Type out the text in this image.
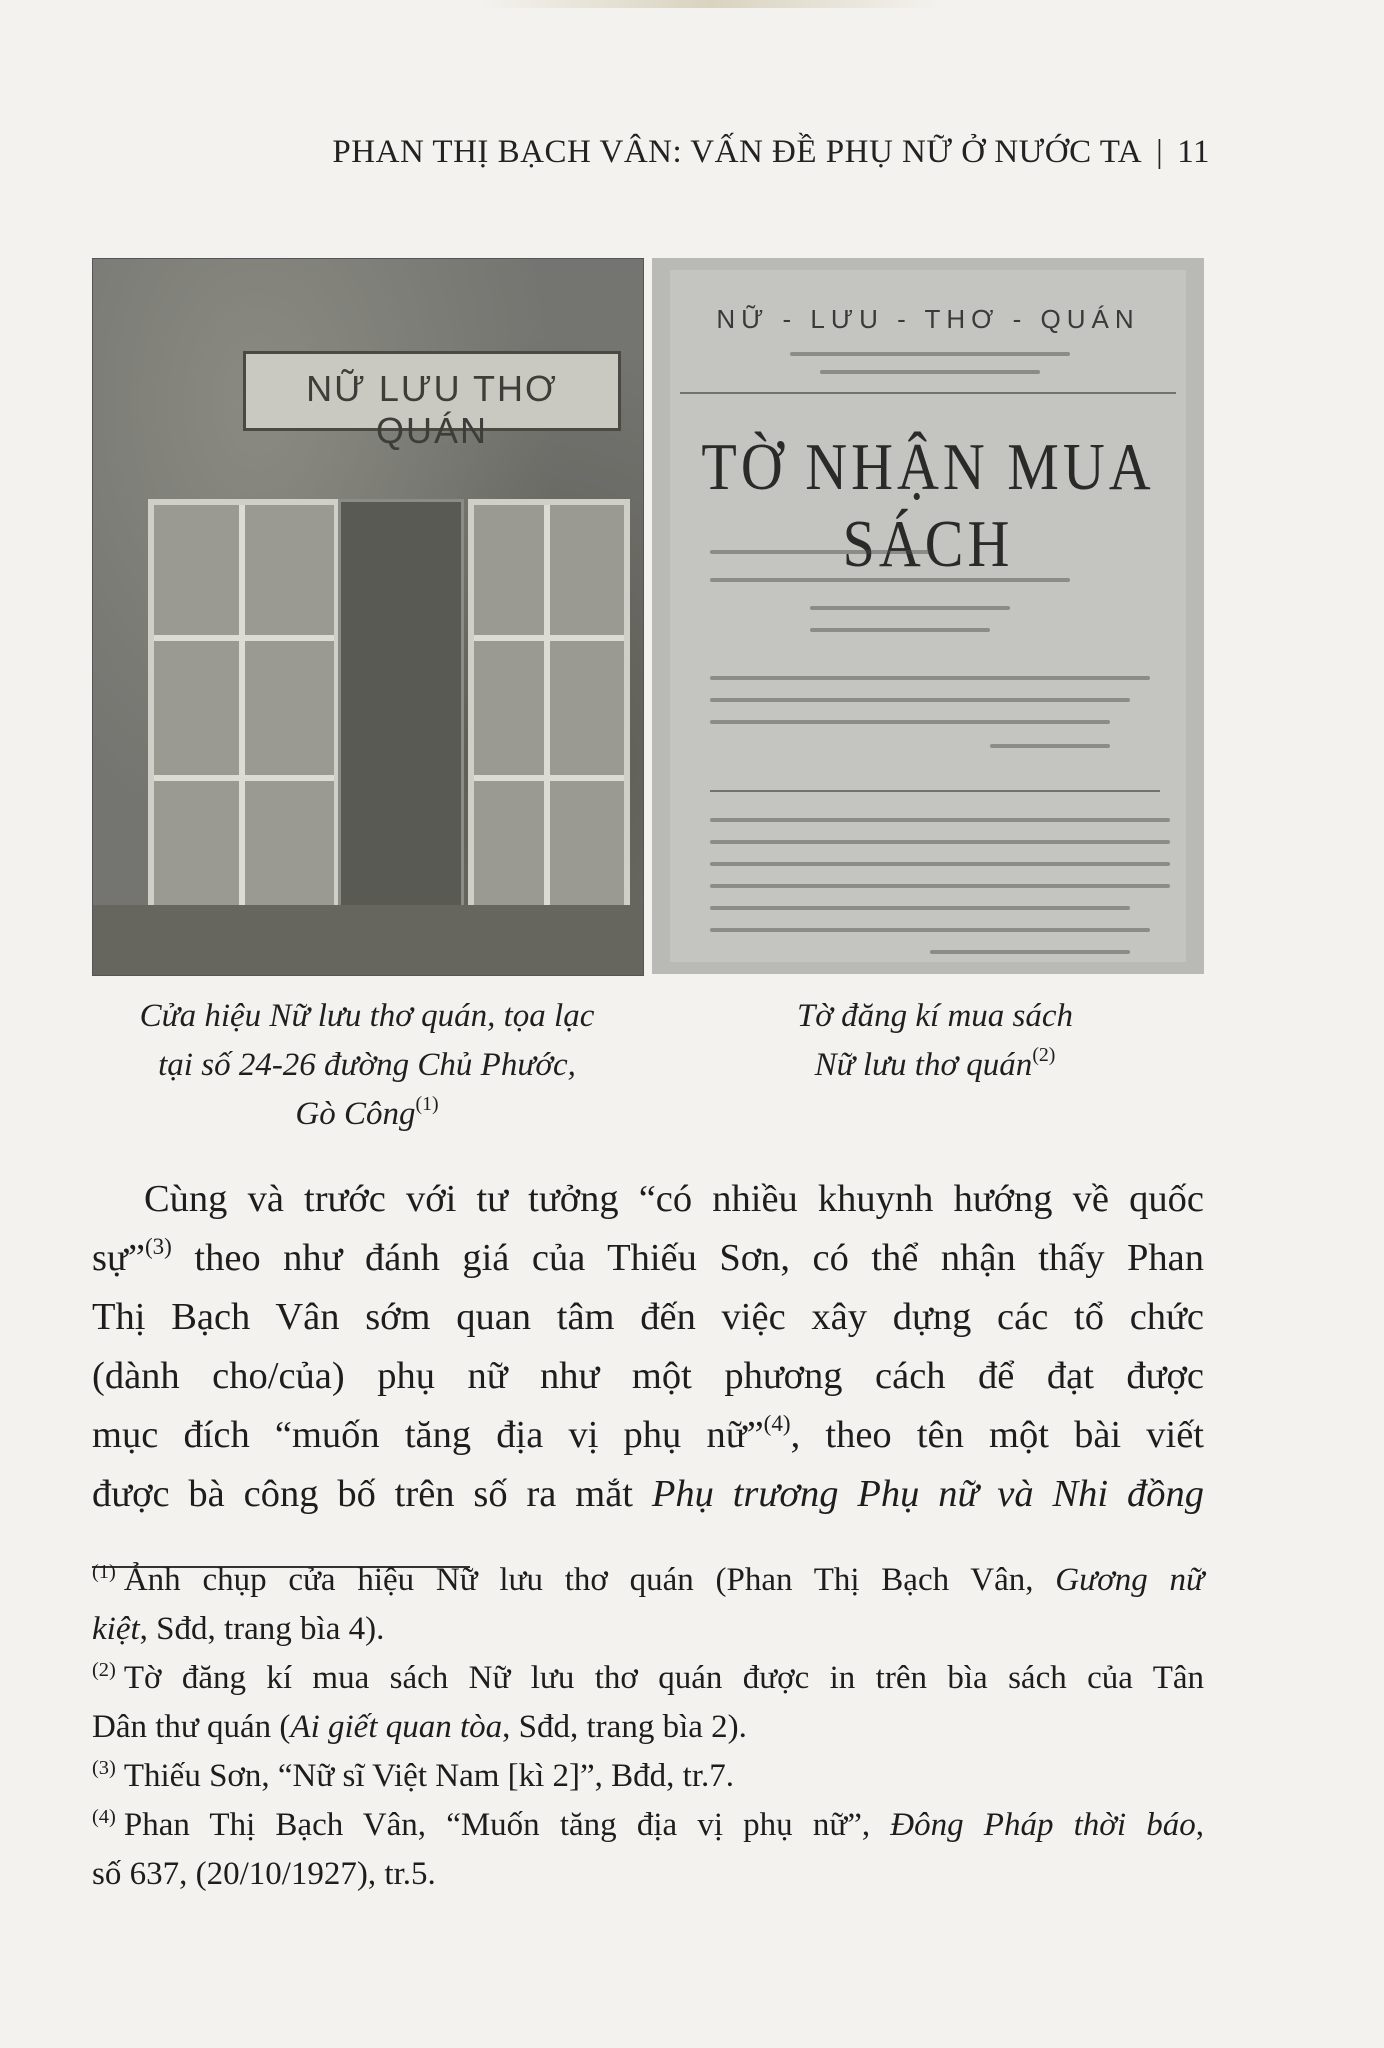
PHAN THỊ BẠCH VÂN: VẤN ĐỀ PHỤ NỮ Ở NƯỚC TA | 11
NỮ LƯU THƠ QUÁN
NỮ - LƯU - THƠ - QUÁN
TỜ NHẬN MUA SÁCH
Cửa hiệu Nữ lưu thơ quán, tọa lạc
tại số 24-26 đường Chủ Phước,
Gò Công$^{(1)}$
Tờ đăng kí mua sách
Nữ lưu thơ quán$^{(2)}$
Cùng và trước với tư tưởng “có nhiều khuynh hướng về quốc
sự”$^{(3)}$ theo như đánh giá của Thiếu Sơn, có thể nhận thấy Phan
Thị Bạch Vân sớm quan tâm đến việc xây dựng các tổ chức
(dành cho/của) phụ nữ như một phương cách để đạt được
mục đích “muốn tăng địa vị phụ nữ”$^{(4)}$, theo tên một bài viết
được bà công bố trên số ra mắt Phụ trương Phụ nữ và Nhi đồng
$^{(1)}$ Ảnh chụp cửa hiệu Nữ lưu thơ quán (Phan Thị Bạch Vân, Gương nữ
kiệt, Sđd, trang bìa 4).
$^{(2)}$ Tờ đăng kí mua sách Nữ lưu thơ quán được in trên bìa sách của Tân
Dân thư quán (Ai giết quan tòa, Sđd, trang bìa 2).
$^{(3)}$ Thiếu Sơn, “Nữ sĩ Việt Nam [kì 2]”, Bđd, tr.7.
$^{(4)}$ Phan Thị Bạch Vân, “Muốn tăng địa vị phụ nữ”, Đông Pháp thời báo,
số 637, (20/10/1927), tr.5.
